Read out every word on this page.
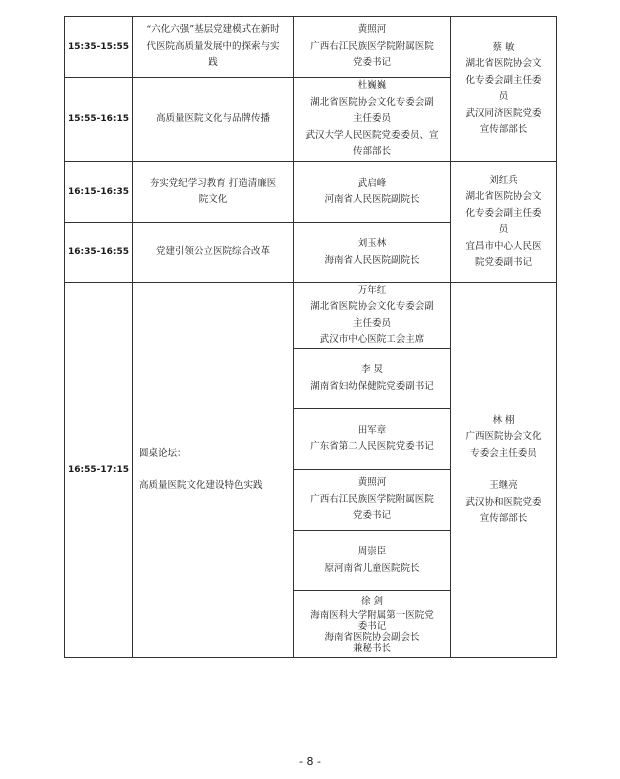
15:35-15:55
“六化六强”基层党建模式在新时
代医院高质量发展中的探索与实
践
黄照河
广西右江民族医学院附属医院
党委书记
15:55-16:15	高质量医院文化与品牌传播
杜巍巍
湖北省医院协会文化专委会副
主任委员
武汉大学人民医院党委委员、宣
传部部长
蔡 敏
湖北省医院协会文
化专委会副主任委
员
武汉同济医院党委
宣传部部长
16:15-16:35
夯实党纪学习教育 打造清廉医
院文化
武启峰
河南省人民医院副院长
16:35-16:55	党建引领公立医院综合改革
刘玉林
海南省人民医院副院长
刘红兵
湖北省医院协会文
化专委会副主任委
员
宜昌市中心人民医
院党委副书记
16:55-17:15
圆桌论坛：
高质量医院文化建设特色实践
万年红
湖北省医院协会文化专委会副
主任委员
武汉市中心医院工会主席
李 炅
湖南省妇幼保健院党委副书记
田军章
广东省第二人民医院党委书记
黄照河
广西右江民族医学院附属医院
党委书记
周崇臣
原河南省儿童医院院长
徐 剑
海南医科大学附属第一医院党
委书记
海南省医院协会副会长
兼秘书长
林 栩
广西医院协会文化
专委会主任委员
王继亮
武汉协和医院党委
宣传部部长
- 8 -
